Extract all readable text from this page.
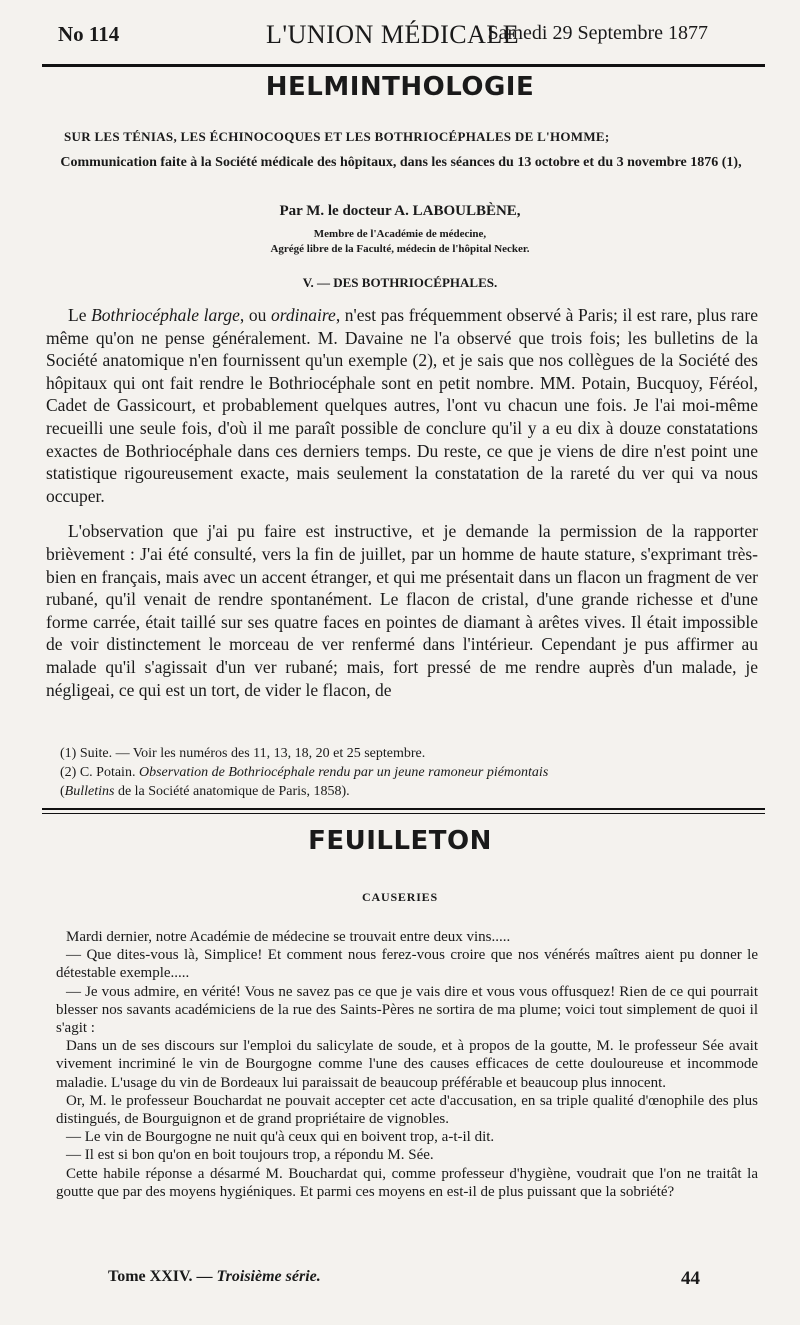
No 114	L'UNION MÉDICALE
Samedi 29 Septembre 1877
HELMINTHOLOGIE
SUR LES TÉNIAS, LES ÉCHINOCOQUES ET LES BOTHRIOCÉPHALES DE L'HOMME;
Communication faite à la Société médicale des hôpitaux, dans les séances du 13 octobre et du 3 novembre 1876 (1),
Par M. le docteur A. LABOULBÈNE,
Membre de l'Académie de médecine,
Agrégé libre de la Faculté, médecin de l'hôpital Necker.
V. — DES BOTHRIOCÉPHALES.

Le Bothriocéphale large, ou ordinaire, n'est pas fréquemment observé à Paris; il est rare, plus rare même qu'on ne pense généralement. M. Davaine ne l'a observé que trois fois; les bulletins de la Société anatomique n'en fournissent qu'un exemple (2), et je sais que nos collègues de la Société des hôpitaux qui ont fait rendre le Bothriocéphale sont en petit nombre. MM. Potain, Bucquoy, Féréol, Cadet de Gassicourt, et probablement quelques autres, l'ont vu chacun une fois. Je l'ai moi-même recueilli une seule fois, d'où il me paraît possible de conclure qu'il y a eu dix à douze constatations exactes de Bothriocéphale dans ces derniers temps. Du reste, ce que je viens de dire n'est point une statistique rigoureusement exacte, mais seulement la constatation de la rareté du ver qui va nous occuper.

L'observation que j'ai pu faire est instructive, et je demande la permission de la rapporter brièvement : J'ai été consulté, vers la fin de juillet, par un homme de haute stature, s'exprimant très-bien en français, mais avec un accent étranger, et qui me présentait dans un flacon un fragment de ver rubané, qu'il venait de rendre spontanément. Le flacon de cristal, d'une grande richesse et d'une forme carrée, était taillé sur ses quatre faces en pointes de diamant à arêtes vives. Il était impossible de voir distinctement le morceau de ver renfermé dans l'intérieur. Cependant je pus affirmer au malade qu'il s'agissait d'un ver rubané; mais, fort pressé de me rendre auprès d'un malade, je négligeai, ce qui est un tort, de vider le flacon, de

(1) Suite. — Voir les numéros des 11, 13, 18, 20 et 25 septembre.
(2) C. Potain. Observation de Bothriocéphale rendu par un jeune ramoneur piémontais
(Bulletins de la Société anatomique de Paris, 1858).
FEUILLETON
CAUSERIES

Mardi dernier, notre Académie de médecine se trouvait entre deux vins.....

— Que dites-vous là, Simplice! Et comment nous ferez-vous croire que nos vénérés maîtres aient pu donner le détestable exemple.....

— Je vous admire, en vérité! Vous ne savez pas ce que je vais dire et vous vous offusquez! Rien de ce qui pourrait blesser nos savants académiciens de la rue des Saints-Pères ne sortira de ma plume; voici tout simplement de quoi il s'agit :

Dans un de ses discours sur l'emploi du salicylate de soude, et à propos de la goutte, M. le professeur Sée avait vivement incriminé le vin de Bourgogne comme l'une des causes efficaces de cette douloureuse et incommode maladie. L'usage du vin de Bordeaux lui paraissait de beaucoup préférable et beaucoup plus innocent.

Or, M. le professeur Bouchardat ne pouvait accepter cet acte d'accusation, en sa triple qualité d'œnophile des plus distingués, de Bourguignon et de grand propriétaire de vignobles.

— Le vin de Bourgogne ne nuit qu'à ceux qui en boivent trop, a-t-il dit.

— Il est si bon qu'on en boit toujours trop, a répondu M. Sée.

Cette habile réponse a désarmé M. Bouchardat qui, comme professeur d'hygiène, voudrait que l'on ne traitât la goutte que par des moyens hygiéniques. Et parmi ces moyens en est-il de plus puissant que la sobriété?

Tome XXIV. — Troisième série.	44
